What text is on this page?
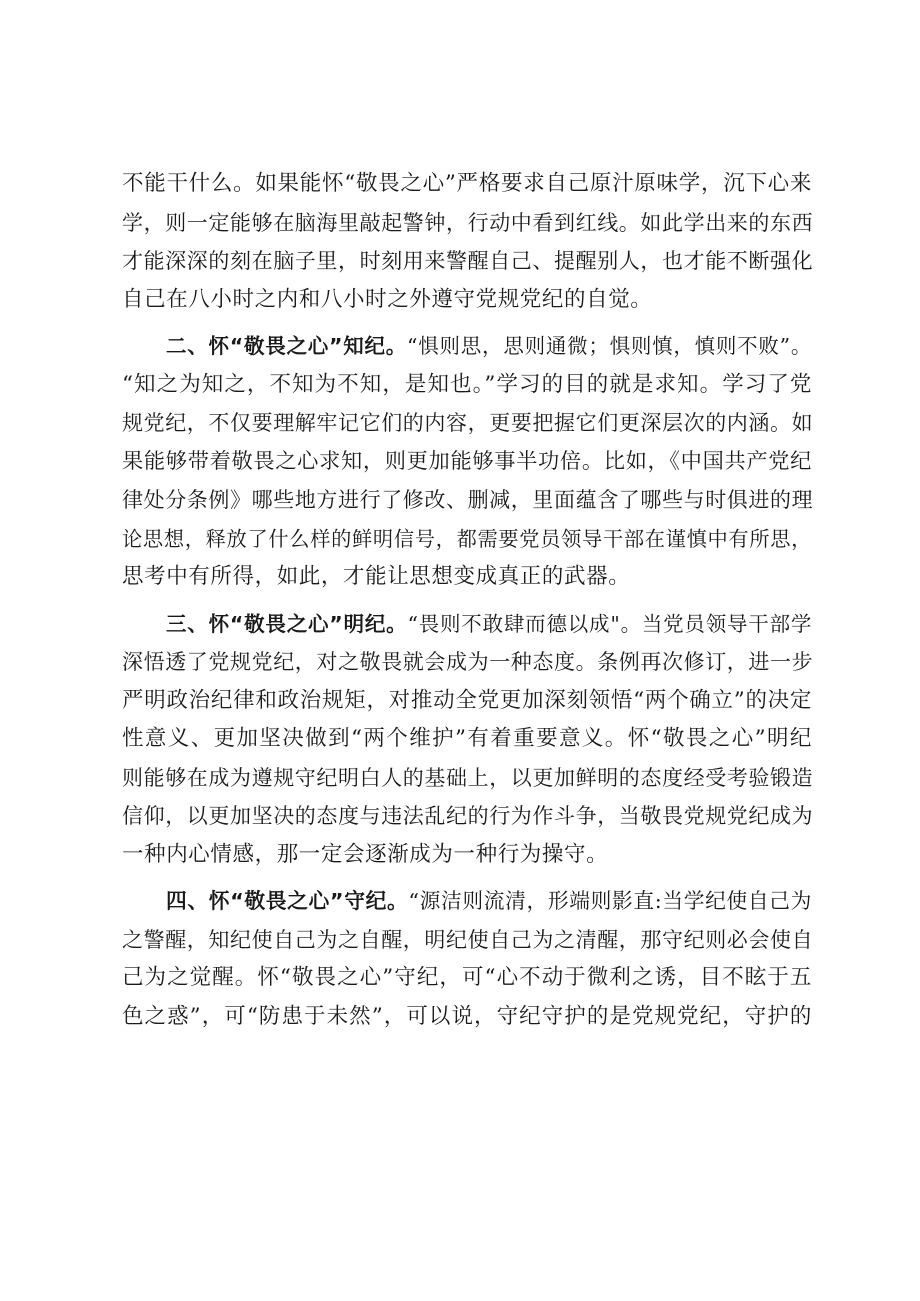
不能干什么。如果能怀“敬畏之心”严格要求自己原汁原味学，沉下心来
学，则一定能够在脑海里敲起警钟，行动中看到红线。如此学出来的东西
才能深深的刻在脑子里，时刻用来警醒自己、提醒别人，也才能不断强化
自己在八小时之内和八小时之外遵守党规党纪的自觉。
二、怀“敬畏之心”知纪。“惧则思，思则通微；惧则慎，慎则不败”。
“知之为知之，不知为不知，是知也。”学习的目的就是求知。学习了党
规党纪，不仅要理解牢记它们的内容，更要把握它们更深层次的内涵。如
果能够带着敬畏之心求知，则更加能够事半功倍。比如，《中国共产党纪
律处分条例》哪些地方进行了修改、删减，里面蕴含了哪些与时俱进的理
论思想，释放了什么样的鲜明信号，都需要党员领导干部在谨慎中有所思，
思考中有所得，如此，才能让思想变成真正的武器。
三、怀“敬畏之心”明纪。“畏则不敢肆而德以成"。当党员领导干部学
深悟透了党规党纪，对之敬畏就会成为一种态度。条例再次修订，进一步
严明政治纪律和政治规矩，对推动全党更加深刻领悟“两个确立”的决定
性意义、更加坚决做到“两个维护”有着重要意义。怀“敬畏之心”明纪
则能够在成为遵规守纪明白人的基础上，以更加鲜明的态度经受考验锻造
信仰，以更加坚决的态度与违法乱纪的行为作斗争，当敬畏党规党纪成为
一种内心情感，那一定会逐渐成为一种行为操守。
四、怀“敬畏之心”守纪。“源洁则流清，形端则影直:当学纪使自己为
之警醒，知纪使自己为之自醒，明纪使自己为之清醒，那守纪则必会使自
己为之觉醒。怀“敬畏之心”守纪，可“心不动于微利之诱，目不眩于五
色之惑”，可“防患于未然”，可以说，守纪守护的是党规党纪，守护的
